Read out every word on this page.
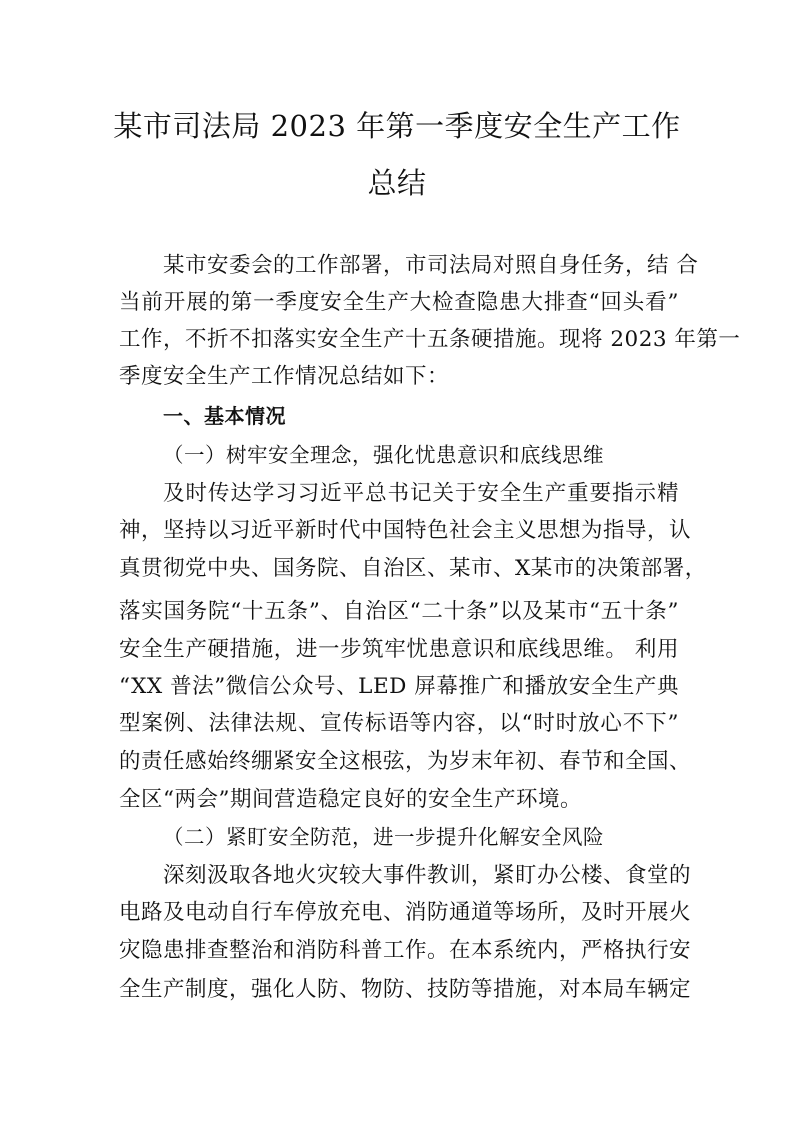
某市司法局 2023 年第一季度安全生产工作
总结
某市安委会的工作部署，市司法局对照自身任务，结 合
当前开展的第一季度安全生产大检查隐患大排查“回头看”
工作，不折不扣落实安全生产十五条硬措施。现将 2023 年第一
季度安全生产工作情况总结如下：
一、基本情况
（一）树牢安全理念，强化忧患意识和底线思维
及时传达学习习近平总书记关于安全生产重要指示精
神，坚持以习近平新时代中国特色社会主义思想为指导，认
真贯彻党中央、国务院、自治区、某市、X某市的决策部署，
落实国务院“十五条”、自治区“二十条”以及某市“五十条”
安全生产硬措施，进一步筑牢忧患意识和底线思维。 利用
“XX 普法”微信公众号、LED 屏幕推广和播放安全生产典
型案例、法律法规、宣传标语等内容，以“时时放心不下”
的责任感始终绷紧安全这根弦，为岁末年初、春节和全国、
全区“两会”期间营造稳定良好的安全生产环境。
（二）紧盯安全防范，进一步提升化解安全风险
深刻汲取各地火灾较大事件教训，紧盯办公楼、食堂的
电路及电动自行车停放充电、消防通道等场所，及时开展火
灾隐患排查整治和消防科普工作。在本系统内，严格执行安
全生产制度，强化人防、物防、技防等措施，对本局车辆定
